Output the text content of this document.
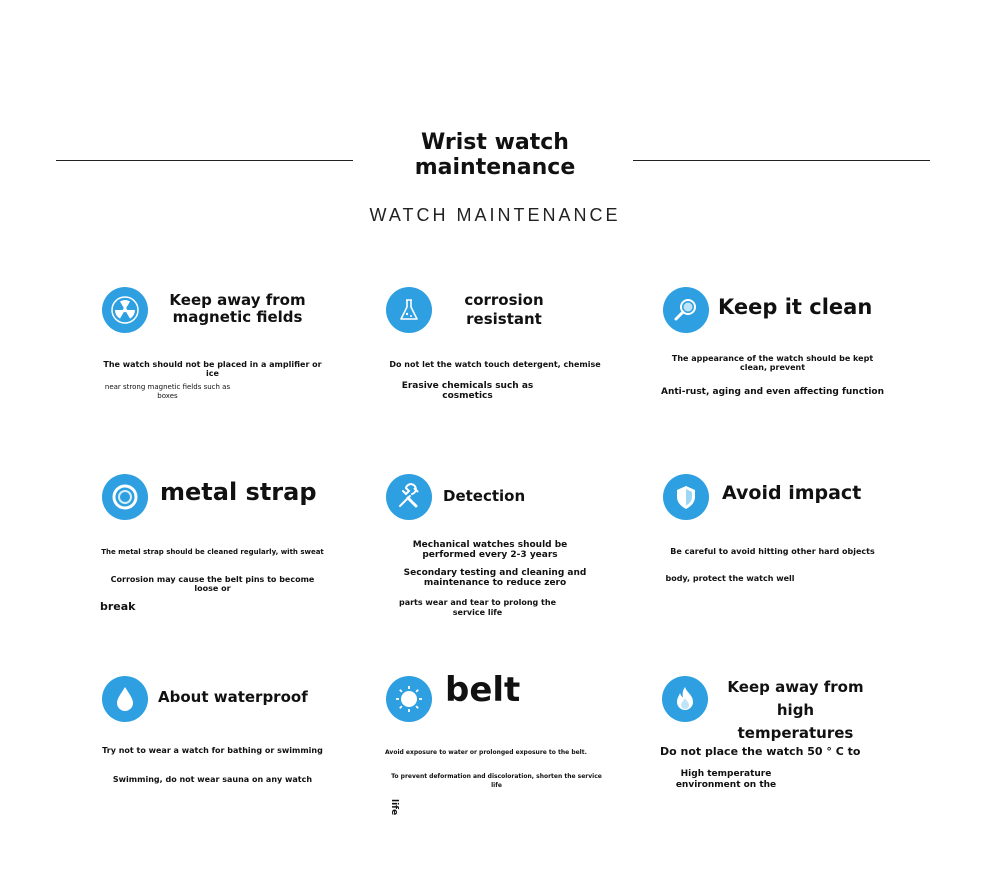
Wrist watch
maintenance
WATCH MAINTENANCE
Keep away from
magnetic fields
The watch should not be placed in a amplifier or ice
near strong magnetic fields such as
boxes
corrosion
resistant
Do not let the watch touch detergent, chemise
Erasive chemicals such as
cosmetics
Keep it clean
The appearance of the watch should be kept
clean, prevent
Anti-rust, aging and even affecting function
metal strap
The metal strap should be cleaned regularly, with sweat
Corrosion may cause the belt pins to become loose or
break
Detection
Mechanical watches should be
performed every 2-3 years
Secondary testing and cleaning and
maintenance to reduce zero
parts wear and tear to prolong the
service life
Avoid impact
Be careful to avoid hitting other hard objects
body, protect the watch well
About waterproof
Try not to wear a watch for bathing or swimming
Swimming, do not wear sauna on any watch
belt
Avoid exposure to water or prolonged exposure to the belt.
To prevent deformation and discoloration, shorten the service
life
life
Keep away from
high temperatures
Do not place the watch 50 ° C to
High temperature
environment on the
